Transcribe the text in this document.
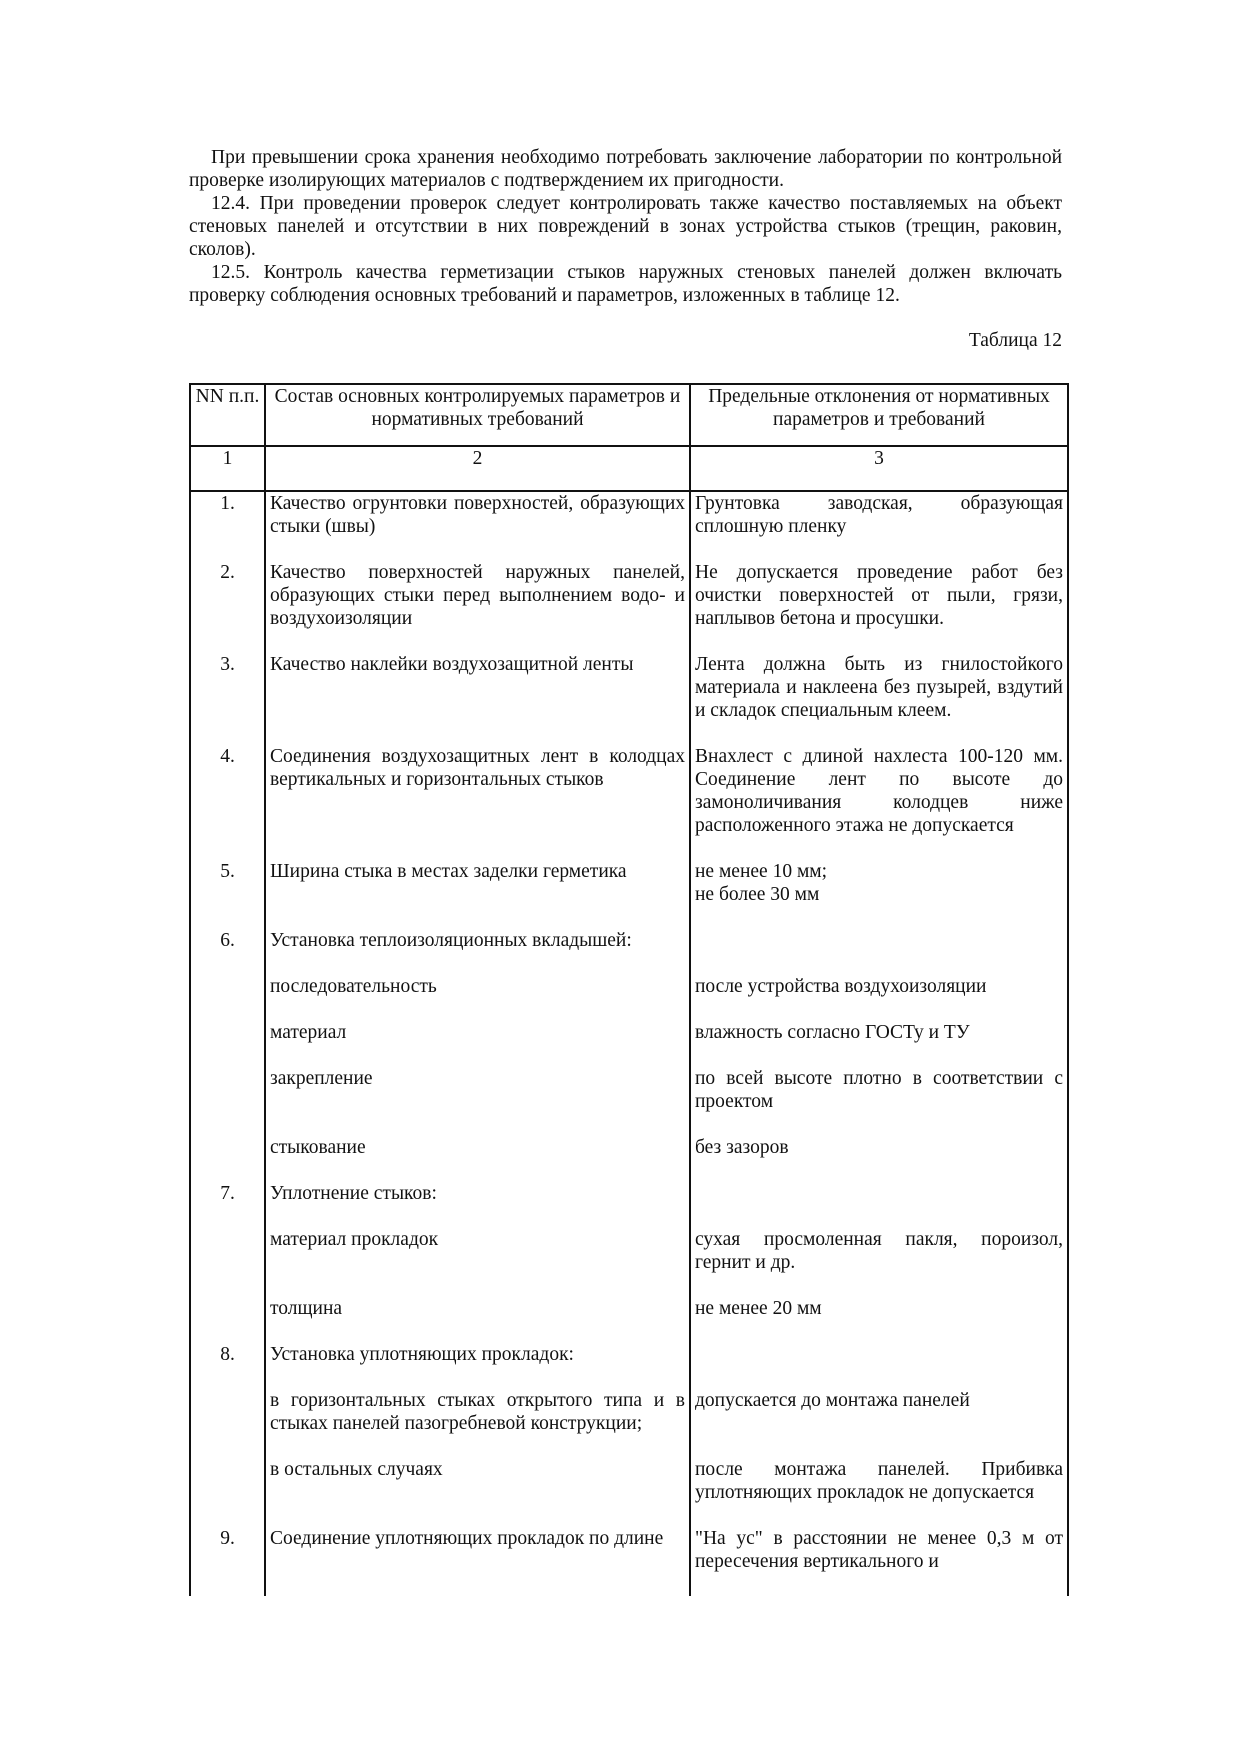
При превышении срока хранения необходимо потребовать заключение лаборатории по контрольной проверке изолирующих материалов с подтверждением их пригодности.

12.4. При проведении проверок следует контролировать также качество поставляемых на объект стеновых панелей и отсутствии в них повреждений в зонах устройства стыков (трещин, раковин, сколов).

12.5. Контроль качества герметизации стыков наружных стеновых панелей должен включать проверку соблюдения основных требований и параметров, изложенных в таблице 12.

Таблица 12

NN п.п.	Состав основных контролируемых параметров и нормативных требований	Предельные отклонения от нормативных параметров и требований
1	2	3
1.	Качество огрунтовки поверхностей, образующих стыки (швы)	Грунтовка заводская, образующая сплошную пленку
2.	Качество поверхностей наружных панелей, образующих стыки перед выполнением водо- и воздухоизоляции	Не допускается проведение работ без очистки поверхностей от пыли, грязи, наплывов бетона и просушки.
3.	Качество наклейки воздухозащитной ленты	Лента должна быть из гнилостойкого материала и наклеена без пузырей, вздутий и складок специальным клеем.
4.	Соединения воздухозащитных лент в колодцах вертикальных и горизонтальных стыков	Внахлест с длиной нахлеста 100-120 мм. Соединение лент по высоте до замоноличивания колодцев ниже расположенного этажа не допускается
5.	Ширина стыка в местах заделки герметика	не менее 10 мм;
не более 30 мм

6.	Установка теплоизоляционных вкладышей:	
	последовательность	после устройства воздухоизоляции
	материал	влажность согласно ГОСТу и ТУ
	закрепление	по всей высоте плотно в соответствии с проектом
	стыкование	без зазоров
7.	Уплотнение стыков:	
	материал прокладок	сухая просмоленная пакля, пороизол, гернит и др.
	толщина	не менее 20 мм
8.	Установка уплотняющих прокладок:	
	в горизонтальных стыках открытого типа и в стыках панелей пазогребневой конструкции;	допускается до монтажа панелей
	в остальных случаях	после монтажа панелей. Прибивка уплотняющих прокладок не допускается
9.	Соединение уплотняющих прокладок по длине	"На ус" в расстоянии не менее 0,3 м от пересечения вертикального и
